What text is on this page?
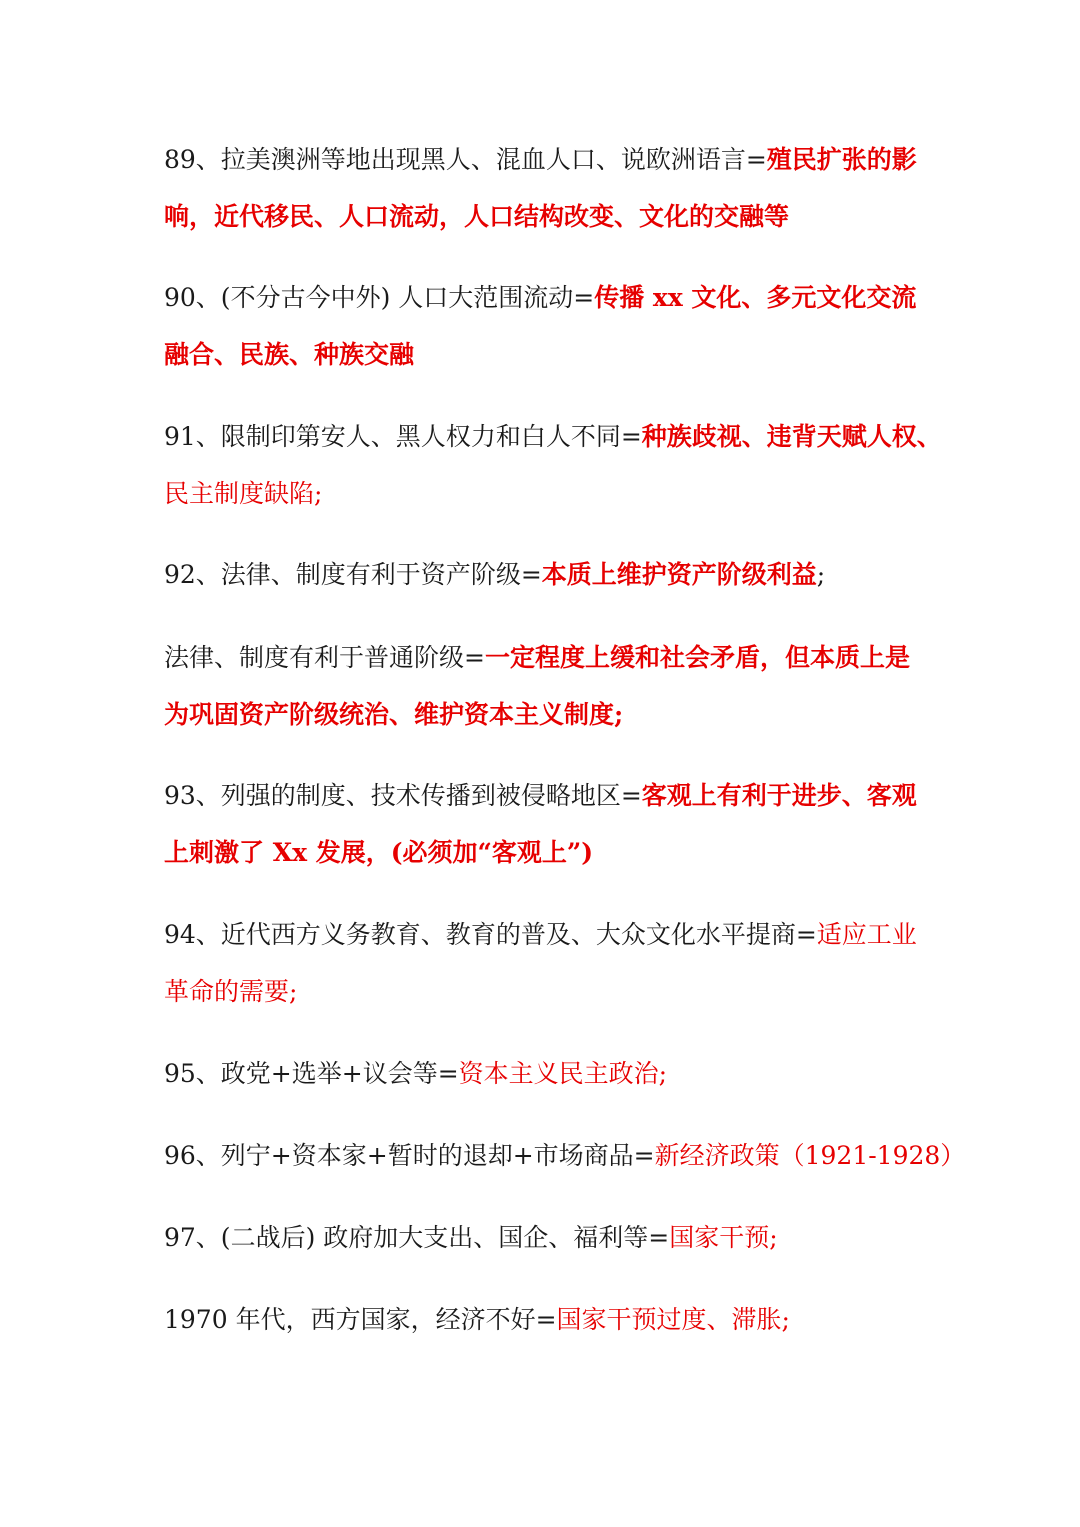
89、拉美澳洲等地出现黑人、混血人口、说欧洲语言=殖民扩张的影
响，近代移民、人口流动，人口结构改变、文化的交融等
90、(不分古今中外) 人口大范围流动=传播 xx 文化、多元文化交流
融合、民族、种族交融
91、限制印第安人、黑人权力和白人不同=种族歧视、违背天赋人权、
民主制度缺陷;
92、法律、制度有利于资产阶级=本质上维护资产阶级利益;
法律、制度有利于普通阶级=一定程度上缓和社会矛盾，但本质上是
为巩固资产阶级统治、维护资本主义制度;
93、列强的制度、技术传播到被侵略地区=客观上有利于进步、客观
上刺激了 Xx 发展，(必须加“客观上”)
94、近代西方义务教育、教育的普及、大众文化水平提商=适应工业
革命的需要;
95、政党+选举+议会等=资本主义民主政治;
96、列宁+资本家+暂时的退却+市场商品=新经济政策（1921-1928）
97、(二战后) 政府加大支出、国企、福利等=国家干预;
1970 年代，西方国家，经济不好=国家干预过度、滞胀;
